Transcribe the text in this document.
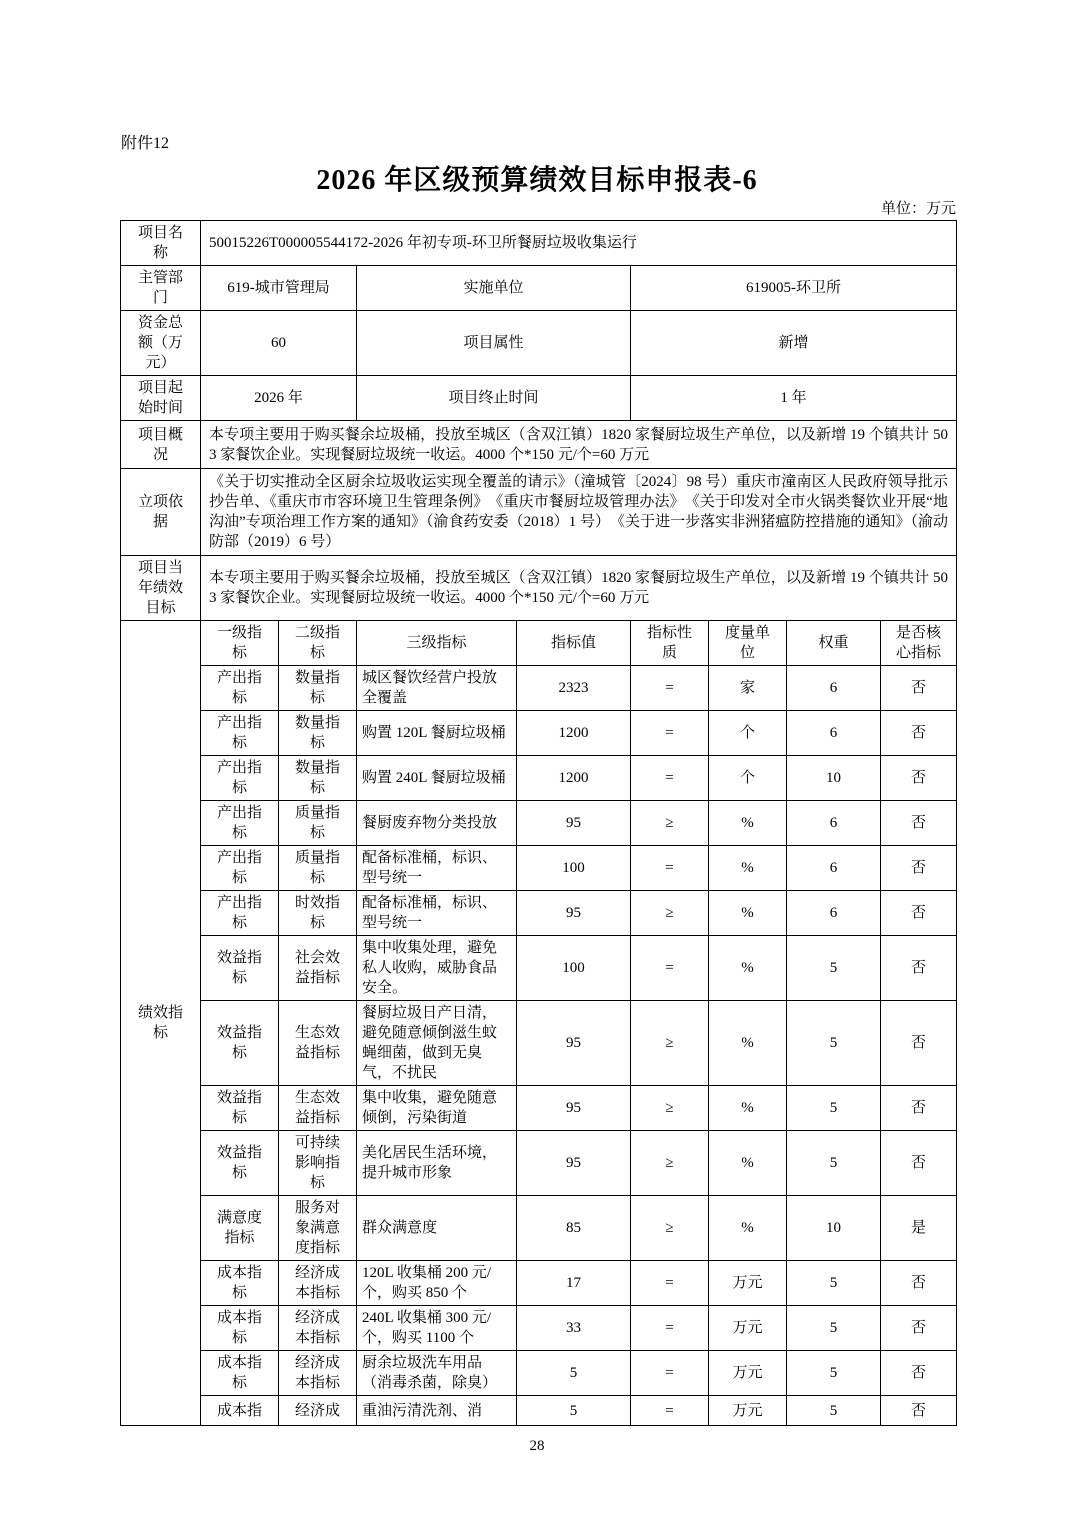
附件12
2026 年区级预算绩效目标申报表-6
单位：万元
项目名称	50015226T000005544172-2026 年初专项-环卫所餐厨垃圾收集运行							
主管部门	619-城市管理局		实施单位		619005-环卫所			
资金总额（万元）	60		项目属性		新增			
项目起始时间	2026 年		项目终止时间		1 年			
项目概况	本专项主要用于购买餐余垃圾桶，投放至城区（含双江镇）1820 家餐厨垃圾生产单位，以及新增 19 个镇共计 503 家餐饮企业。实现餐厨垃圾统一收运。4000 个*150 元/个=60 万元							
立项依据	《关于切实推动全区厨余垃圾收运实现全覆盖的请示》（潼城管〔2024〕98 号）重庆市潼南区人民政府领导批示抄告单、《重庆市市容环境卫生管理条例》　《重庆市餐厨垃圾管理办法》　《关于印发对全市火锅类餐饮业开展“地沟油”专项治理工作方案的通知》（渝食药安委（2018）1 号）　《关于进一步落实非洲猪瘟防控措施的通知》（渝动防部（2019）6 号）							
项目当年绩效目标	本专项主要用于购买餐余垃圾桶，投放至城区（含双江镇）1820 家餐厨垃圾生产单位，以及新增 19 个镇共计 503 家餐饮企业。实现餐厨垃圾统一收运。4000 个*150 元/个=60 万元							
绩效指标	一级指标	二级指标	三级指标	指标值	指标性质	度量单位	权重	是否核心指标
	产出指标	数量指标	城区餐饮经营户投放全覆盖	2323	=	家	6	否
	产出指标	数量指标	购置 120L 餐厨垃圾桶	1200	=	个	6	否
	产出指标	数量指标	购置 240L 餐厨垃圾桶	1200	=	个	10	否
	产出指标	质量指标	餐厨废弃物分类投放	95	≥	%	6	否
	产出指标	质量指标	配备标准桶，标识、型号统一	100	=	%	6	否
	产出指标	时效指标	配备标准桶，标识、型号统一	95	≥	%	6	否
	效益指标	社会效益指标	集中收集处理，避免私人收购，威胁食品安全。	100	=	%	5	否
	效益指标	生态效益指标	餐厨垃圾日产日清，避免随意倾倒滋生蚊蝇细菌，做到无臭气，不扰民	95	≥	%	5	否
	效益指标	生态效益指标	集中收集，避免随意倾倒，污染街道	95	≥	%	5	否
	效益指标	可持续影响指标	美化居民生活环境，提升城市形象	95	≥	%	5	否
	满意度指标	服务对象满意度指标	群众满意度	85	≥	%	10	是
	成本指标	经济成本指标	120L 收集桶 200 元/个，购买 850 个	17	=	万元	5	否
	成本指标	经济成本指标	240L 收集桶 300 元/个，购买 1100 个	33	=	万元	5	否
	成本指标	经济成本指标	厨余垃圾洗车用品（消毒杀菌，除臭）	5	=	万元	5	否
	成本指	经济成	重油污清洗剂、消	5	=	万元	5	否
28
